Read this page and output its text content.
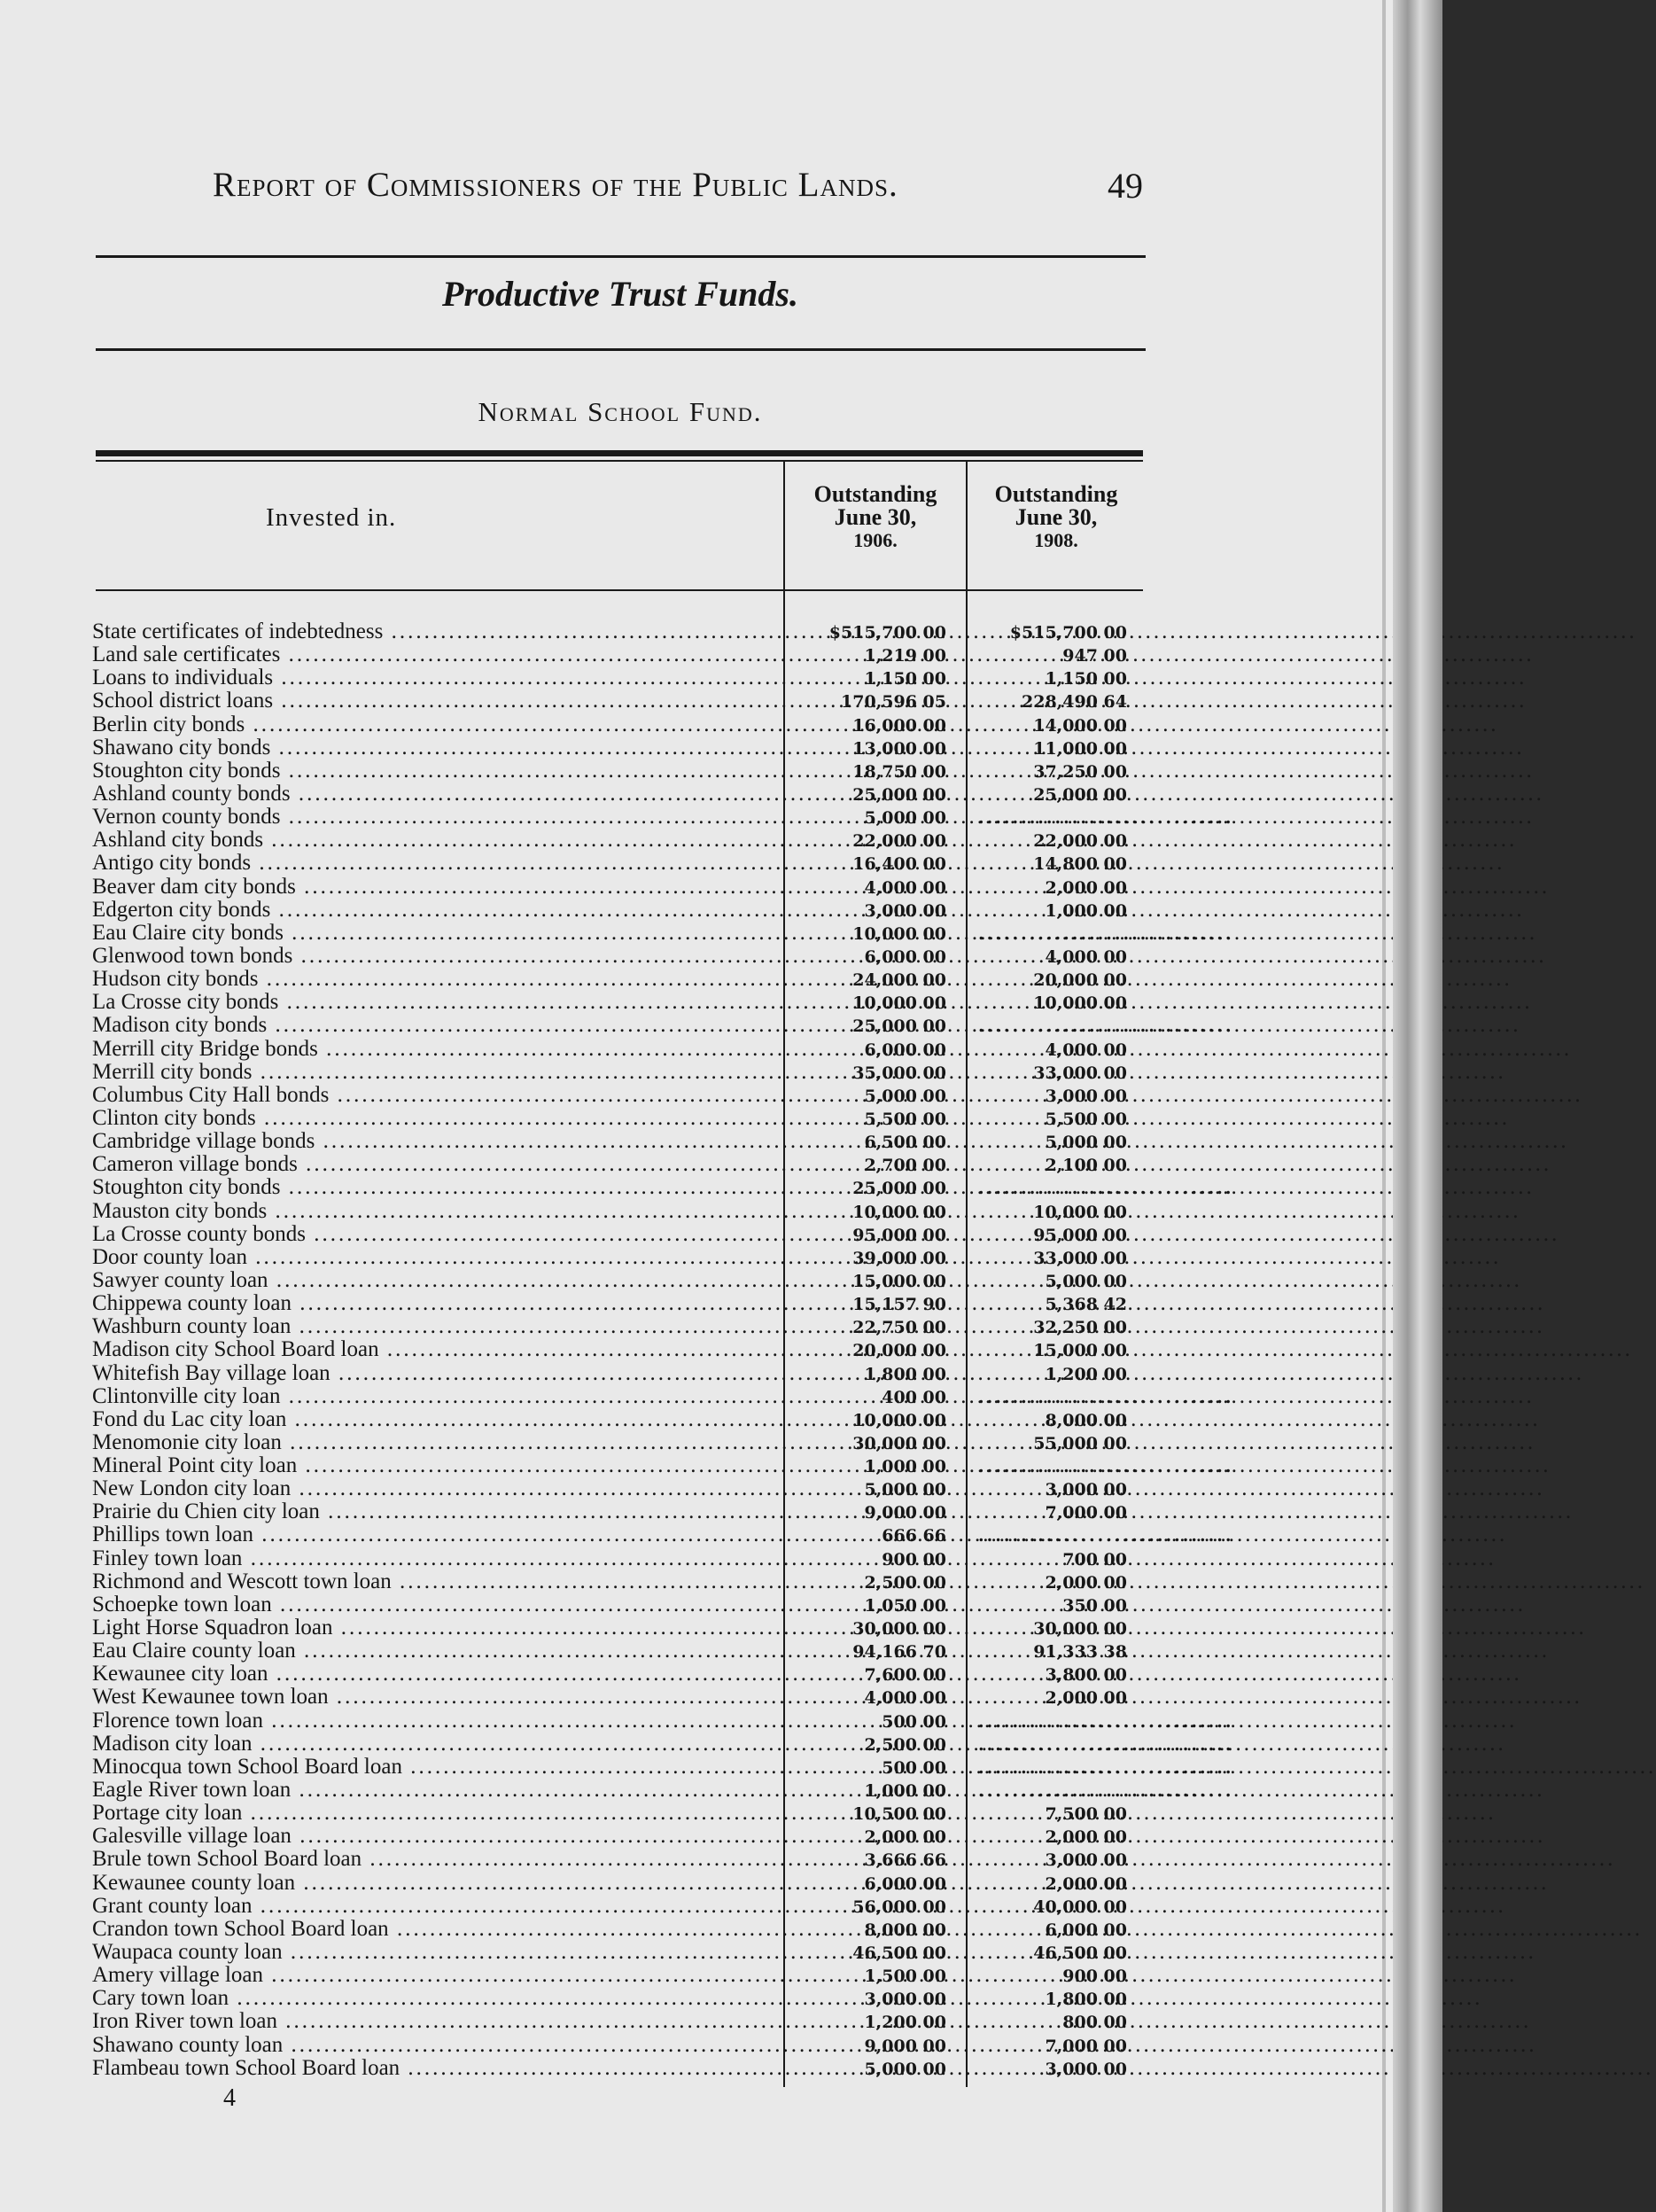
Report of Commissioners of the Public Lands.	49
Productive Trust Funds.
Normal School Fund.
Invested in.
Outstanding
June 30,
1906.
Outstanding
June 30,
1908.
State certificates of indebtedness .....	$515,700 00	$515,700 00
Land sale certificates .....	1,219 00	947 00
Loans to individuals .....	1,150 00	1,150 00
School district loans .....	170,596 05	228,490 64
Berlin city bonds .....	16,000 00	14,000 00
Shawano city bonds .....	13,000 00	11,000 00
Stoughton city bonds .....	18,750 00	37,250 00
Ashland county bonds .....	25,000 00	25,000 00
Vernon county bonds .....	5,000 00 ..............................
Ashland city bonds .....	22,000 00	22,000 00
Antigo city bonds .....	16,400 00	14,800 00
Beaver dam city bonds .....	4,000 00	2,000 00
Edgerton city bonds .....	3,000 00	1,000 00
Eau Claire city bonds .....	10,000 00 ..............................
Glenwood town bonds .....	6,000 00	4,000 00
Hudson city bonds .....	24,000 00	20,000 00
La Crosse city bonds .....	10,000 00	10,000 00
Madison city bonds .....	25,000 00 ..............................
Merrill city Bridge bonds .....	6,000 00	4,000 00
Merrill city bonds .....	35,000 00	33,000 00
Columbus City Hall bonds .....	5,000 00	3,000 00
Clinton city bonds .....	5,500 00	5,500 00
Cambridge village bonds .....	6,500 00	5,000 00
Cameron village bonds .....	2,700 00	2,100 00
Stoughton city bonds .....	25,000 00 ..............................
Mauston city bonds .....	10,000 00	10,000 00
La Crosse county bonds .....	95,000 00	95,000 00
Door county loan .....	39,000 00	33,000 00
Sawyer county loan .....	15,000 00	5,000 00
Chippewa county loan .....	15,157 90	5,368 42
Washburn county loan .....	22,750 00	32,250 00
Madison city School Board loan .....	20,000 00	15,000 00
Whitefish Bay village loan .....	1,800 00	1,200 00
Clintonville city loan .....	400 00 ..............................
Fond du Lac city loan .....	10,000 00	8,000 00
Menomonie city loan .....	30,000 00	55,000 00
Mineral Point city loan .....	1,000 00 ..............................
New London city loan .....	5,000 00	3,000 00
Prairie du Chien city loan .....	9,000 00	7,000 00
Phillips town loan .....	666 66 ..............................
Finley town loan .....	900 00	700 00
Richmond and Wescott town loan .....	2,500 00	2,000 00
Schoepke town loan .....	1,050 00	350 00
Light Horse Squadron loan .....	30,000 00	30,000 00
Eau Claire county loan .....	94,166 70	91,333 38
Kewaunee city loan .....	7,600 00	3,800 00
West Kewaunee town loan .....	4,000 00	2,000 00
Florence town loan .....	500 00 ..............................
Madison city loan .....	2,500 00 ..............................
Minocqua town School Board loan .....	500 00 ..............................
Eagle River town loan .....	1,000 00 ..............................
Portage city loan .....	10,500 00	7,500 00
Galesville village loan .....	2,000 00	2,000 00
Brule town School Board loan .....	3,666 66	3,000 00
Kewaunee county loan .....	6,000 00	2,000 00
Grant county loan .....	56,000 00	40,000 00
Crandon town School Board loan .....	8,000 00	6,000 00
Waupaca county loan .....	46,500 00	46,500 00
Amery village loan .....	1,500 00	900 00
Cary town loan .....	3,000 00	1,800 00
Iron River town loan .....	1,200 00	800 00
Shawano county loan .....	9,000 00	7,000 00
Flambeau town School Board loan .....	5,000 00	3,000 00
4
